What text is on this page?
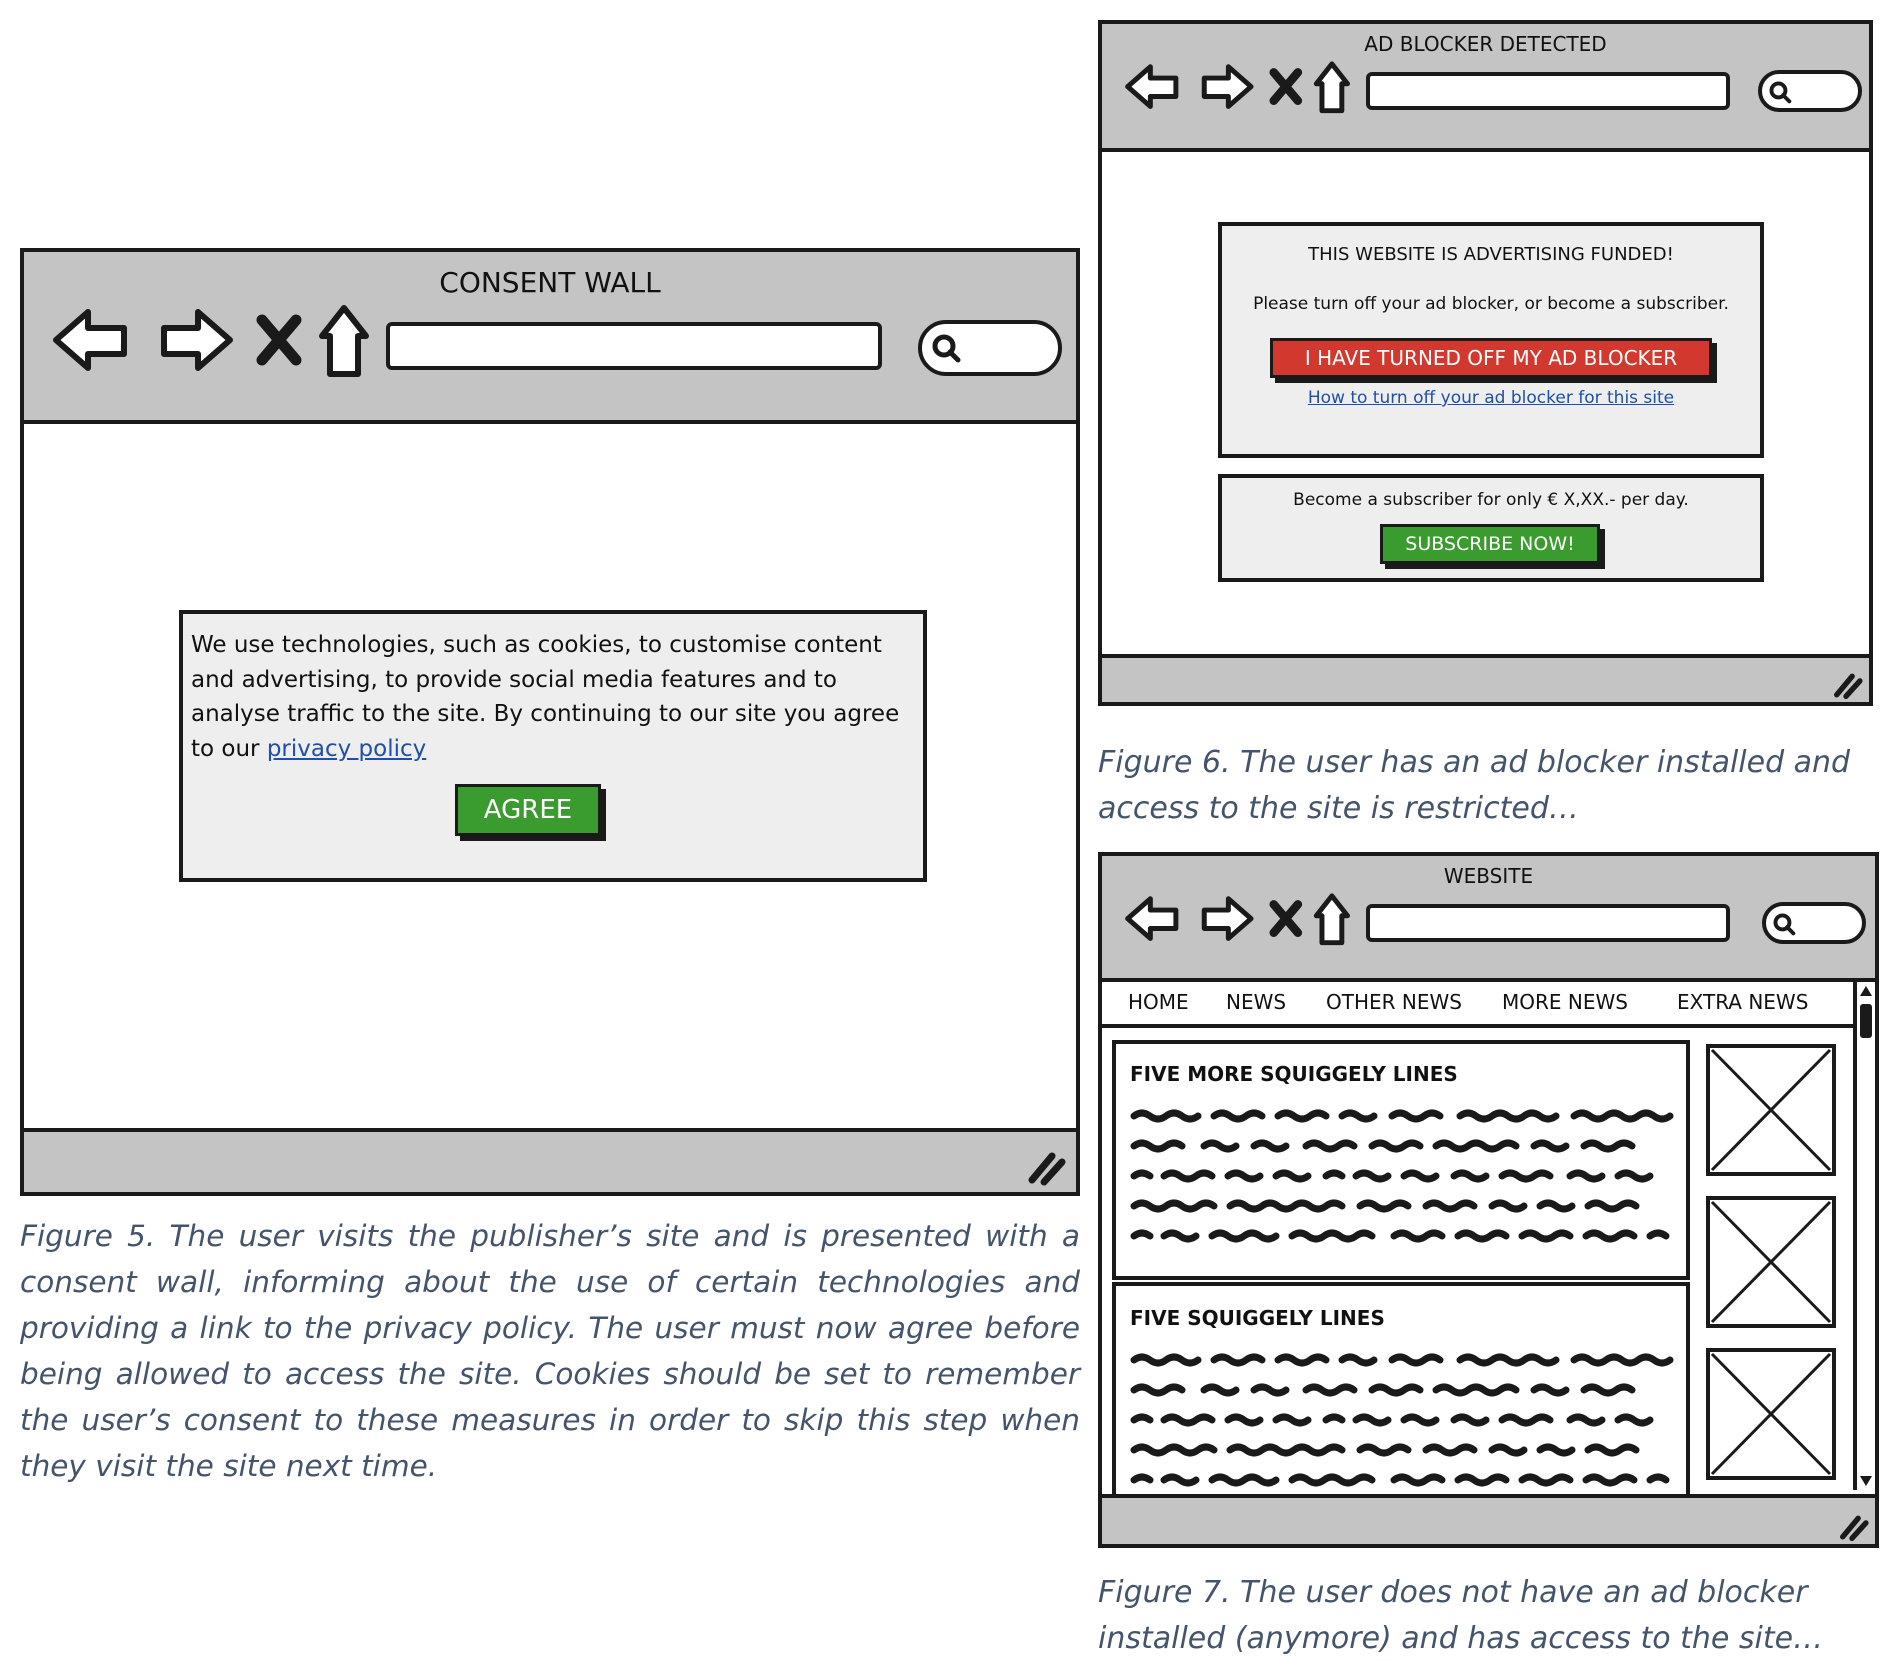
CONSENT WALL
We use technologies, such as cookies, to customise content and advertising, to provide social media features and to analyse traffic to the site. By continuing to our site you agree to our privacy policy
AGREE
Figure 5. The user visits the publisher’s site and is presented with a consent wall, informing about the use of certain technologies and providing a link to the privacy policy. The user must now agree before being allowed to access the site. Cookies should be set to remember the user’s consent to these measures in order to skip this step when they visit the site next time.
AD BLOCKER DETECTED
THIS WEBSITE IS ADVERTISING FUNDED!
Please turn off your ad blocker, or become a subscriber.
I HAVE TURNED OFF MY AD BLOCKER
How to turn off your ad blocker for this site
Become a subscriber for only € X,XX.- per day.
SUBSCRIBE NOW!
Figure 6. The user has an ad blocker installed and access to the site is restricted…
WEBSITE
HOME NEWS OTHER NEWS MORE NEWS EXTRA NEWS
FIVE MORE SQUIGGELY LINES
FIVE SQUIGGELY LINES
Figure 7. The user does not have an ad blocker installed (anymore) and has access to the site…
